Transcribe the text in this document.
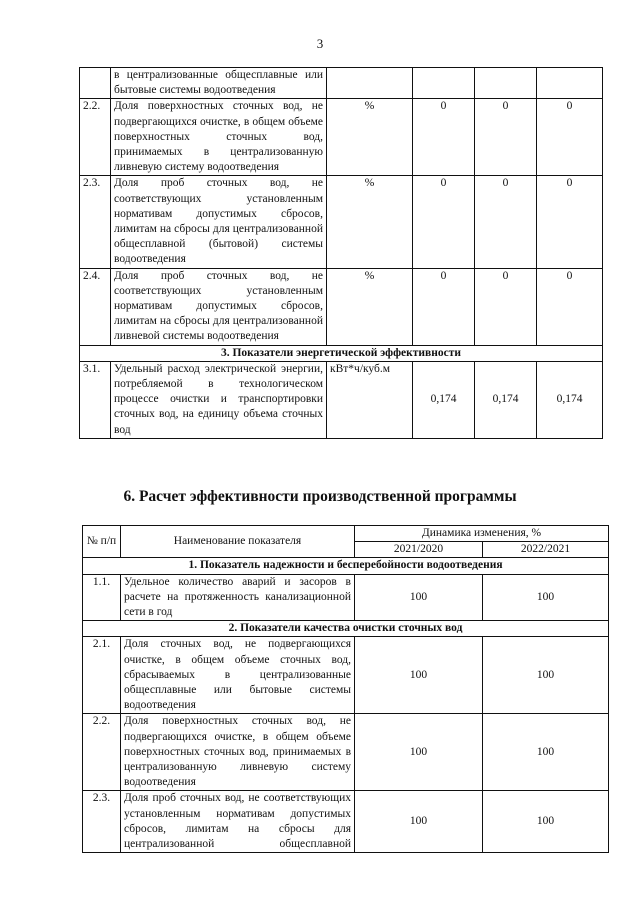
3
	в централизованные общесплавные или бытовые системы водоотведения				
2.2.	Доля поверхностных сточных вод, не подвергающихся очистке, в общем объеме поверхностных сточных вод, принимаемых в централизованную ливневую систему водоотведения	%	0	0	0
2.3.	Доля проб сточных вод, не соответствующих установленным нормативам допустимых сбросов, лимитам на сбросы для централизованной общесплавной (бытовой) системы водоотведения	%	0	0	0
2.4.	Доля проб сточных вод, не соответствующих установленным нормативам допустимых сбросов, лимитам на сбросы для централизованной ливневой системы водоотведения	%	0	0	0
3. Показатели энергетической эффективности					
3.1.	Удельный расход электрической энергии, потребляемой в технологическом процессе очистки и транспортировки сточных вод, на единицу объема сточных вод	кВт*ч/куб.м	0,174	0,174	0,174
6. Расчет эффективности производственной программы
№ п/п	Наименование показателя	Динамика изменения, %	
		2021/2020	2022/2021
1. Показатель надежности и бесперебойности водоотведения			
1.1.	Удельное количество аварий и засоров в расчете на протяженность канализационной сети в год	100	100
2. Показатели качества очистки сточных вод			
2.1.	Доля сточных вод, не подвергающихся очистке, в общем объеме сточных вод, сбрасываемых в централизованные общесплавные или бытовые системы водоотведения	100	100
2.2.	Доля поверхностных сточных вод, не подвергающихся очистке, в общем объеме поверхностных сточных вод, принимаемых в централизованную ливневую систему водоотведения	100	100
2.3.	Доля проб сточных вод, не соответствующих установленным нормативам допустимых сбросов, лимитам на сбросы для централизованной общесплавной	100	100
